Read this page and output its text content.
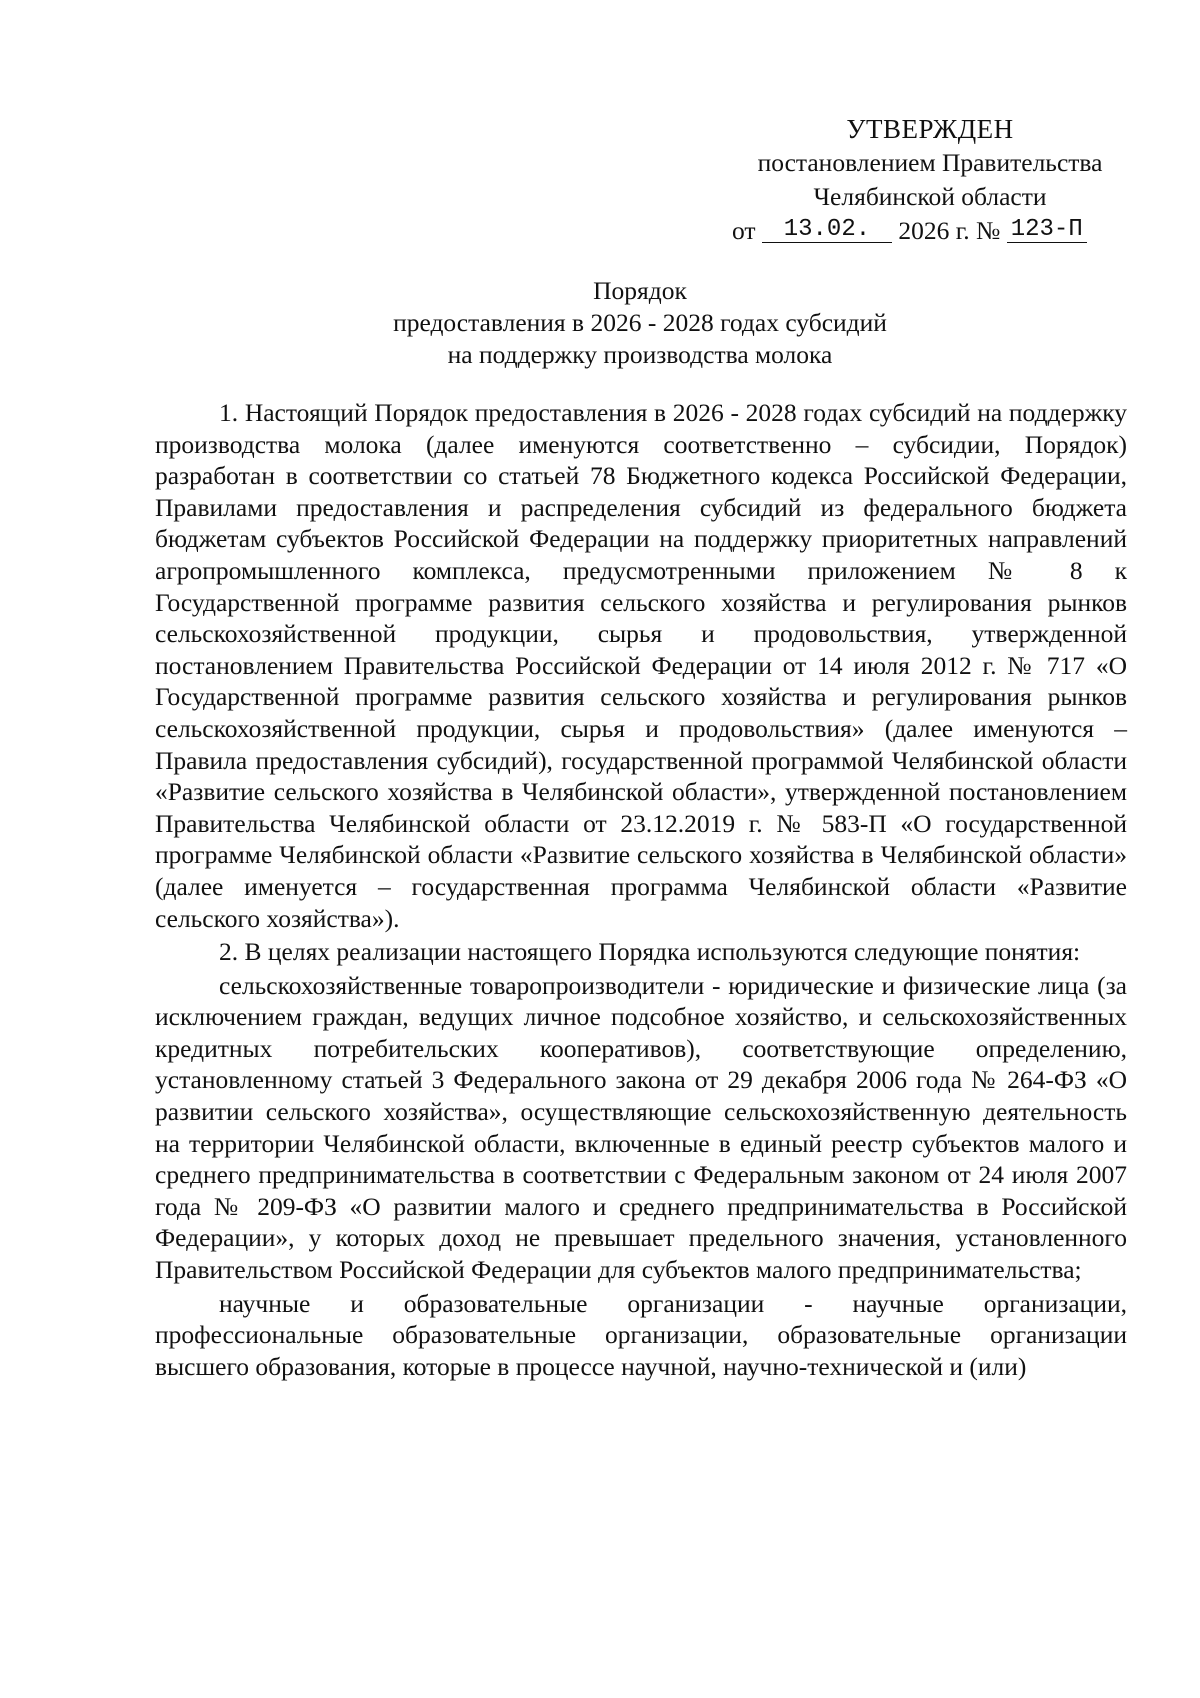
УТВЕРЖДЕН
постановлением Правительства
Челябинской области
от 13.02. 2026 г. № 123-П
Порядок
предоставления в 2026 - 2028 годах субсидий
на поддержку производства молока

1. Настоящий Порядок предоставления в 2026 - 2028 годах субсидий на поддержку производства молока (далее именуются соответственно – субсидии, Порядок) разработан в соответствии со статьей 78 Бюджетного кодекса Российской Федерации, Правилами предоставления и распределения субсидий из федерального бюджета бюджетам субъектов Российской Федерации на поддержку приоритетных направлений агропромышленного комплекса, предусмотренными приложением № 8 к Государственной программе развития сельского хозяйства и регулирования рынков сельскохозяйственной продукции, сырья и продовольствия, утвержденной постановлением Правительства Российской Федерации от 14 июля 2012 г. № 717 «О Государственной программе развития сельского хозяйства и регулирования рынков сельскохозяйственной продукции, сырья и продовольствия» (далее именуются – Правила предоставления субсидий), государственной программой Челябинской области «Развитие сельского хозяйства в Челябинской области», утвержденной постановлением Правительства Челябинской области от 23.12.2019 г. № 583-П «О государственной программе Челябинской области «Развитие сельского хозяйства в Челябинской области» (далее именуется – государственная программа Челябинской области «Развитие сельского хозяйства»).

2. В целях реализации настоящего Порядка используются следующие понятия:

сельскохозяйственные товаропроизводители - юридические и физические лица (за исключением граждан, ведущих личное подсобное хозяйство, и сельскохозяйственных кредитных потребительских кооперативов), соответствующие определению, установленному статьей 3 Федерального закона от 29 декабря 2006 года № 264-ФЗ «О развитии сельского хозяйства», осуществляющие сельскохозяйственную деятельность на территории Челябинской области, включенные в единый реестр субъектов малого и среднего предпринимательства в соответствии с Федеральным законом от 24 июля 2007 года № 209-ФЗ «О развитии малого и среднего предпринимательства в Российской Федерации», у которых доход не превышает предельного значения, установленного Правительством Российской Федерации для субъектов малого предпринимательства;

научные и образовательные организации - научные организации, профессиональные образовательные организации, образовательные организации высшего образования, которые в процессе научной, научно-технической и (или)
